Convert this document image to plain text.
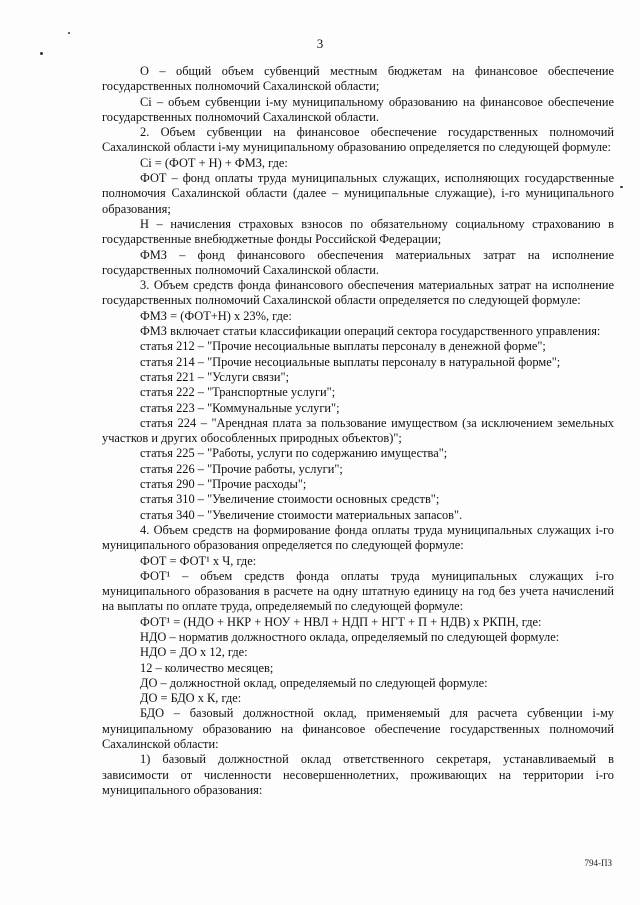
3

О – общий объем субвенций местным бюджетам на финансовое обеспечение государственных полномочий Сахалинской области;

Сi – объем субвенции i-му муниципальному образованию на финансовое обеспечение государственных полномочий Сахалинской области.

2. Объем субвенции на финансовое обеспечение государственных полномочий Сахалинской области i-му муниципальному образованию определяется по следующей формуле:

Сi = (ФОТ + Н) + ФМЗ, где:

ФОТ – фонд оплаты труда муниципальных служащих, исполняющих государственные полномочия Сахалинской области (далее – муниципальные служащие), i-го муниципального образования;

Н – начисления страховых взносов по обязательному социальному страхованию в государственные внебюджетные фонды Российской Федерации;

ФМЗ – фонд финансового обеспечения материальных затрат на исполнение государственных полномочий Сахалинской области.

3. Объем средств фонда финансового обеспечения материальных затрат на исполнение государственных полномочий Сахалинской области определяется по следующей формуле:

ФМЗ = (ФОТ+Н) х 23%, где:

ФМЗ включает статьи классификации операций сектора государственного управления:

статья 212 – "Прочие несоциальные выплаты персоналу в денежной форме";

статья 214 – "Прочие несоциальные выплаты персоналу в натуральной форме";

статья 221 – "Услуги связи";

статья 222 – "Транспортные услуги";

статья 223 – "Коммунальные услуги";

статья 224 – "Арендная плата за пользование имуществом (за исключением земельных участков и других обособленных природных объектов)";

статья 225 – "Работы, услуги по содержанию имущества";

статья 226 – "Прочие работы, услуги";

статья 290 – "Прочие расходы";

статья 310 – "Увеличение стоимости основных средств";

статья 340 – "Увеличение стоимости материальных запасов".

4. Объем средств на формирование фонда оплаты труда муниципальных служащих i-го муниципального образования определяется по следующей формуле:

ФОТ = ФОТ¹ х Ч, где:

ФОТ¹ – объем средств фонда оплаты труда муниципальных служащих i-го муниципального образования в расчете на одну штатную единицу на год без учета начислений на выплаты по оплате труда, определяемый по следующей формуле:

ФОТ¹ = (НДО + НКР + НОУ + НВЛ + НДП + НГТ + П + НДВ) х РКПН, где:

НДО – норматив должностного оклада, определяемый по следующей формуле:

НДО = ДО х 12, где:

12 – количество месяцев;

ДО – должностной оклад, определяемый по следующей формуле:

ДО = БДО х К, где:

БДО – базовый должностной оклад, применяемый для расчета субвенции i-му муниципальному образованию на финансовое обеспечение государственных полномочий Сахалинской области:

1) базовый должностной оклад ответственного секретаря, устанавливаемый в зависимости от численности несовершеннолетних, проживающих на территории i-го муниципального образования:

794-ПЗ
